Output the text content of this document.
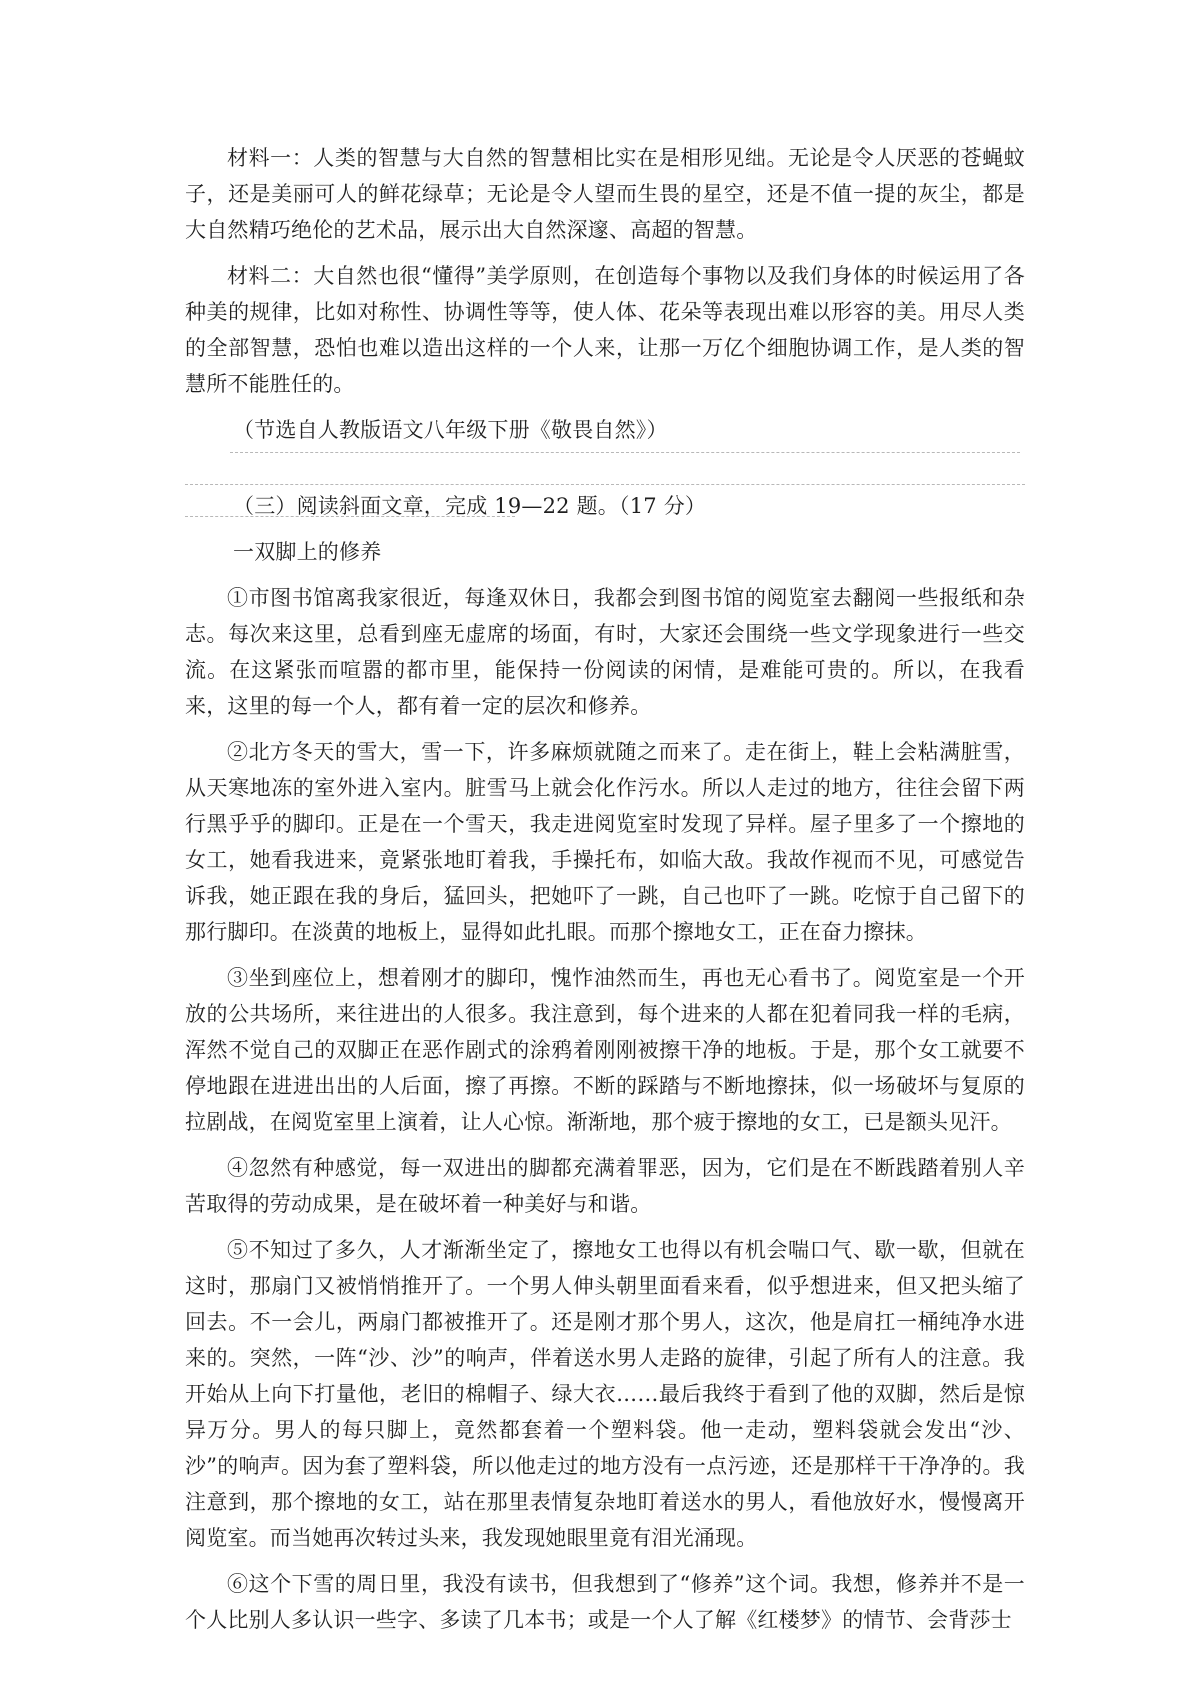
材料一：人类的智慧与大自然的智慧相比实在是相形见绌。无论是令人厌恶的苍蝇蚊子，还是美丽可人的鲜花绿草；无论是令人望而生畏的星空，还是不值一提的灰尘，都是大自然精巧绝伦的艺术品，展示出大自然深邃、高超的智慧。

材料二：大自然也很“懂得”美学原则，在创造每个事物以及我们身体的时候运用了各种美的规律，比如对称性、协调性等等，使人体、花朵等表现出难以形容的美。用尽人类的全部智慧，恐怕也难以造出这样的一个人来，让那一万亿个细胞协调工作，是人类的智慧所不能胜任的。

（节选自人教版语文八年级下册《敬畏自然》）

（三）阅读斜面文章，完成 19—22 题。（17 分）

一双脚上的修养

①市图书馆离我家很近，每逢双休日，我都会到图书馆的阅览室去翻阅一些报纸和杂志。每次来这里，总看到座无虚席的场面，有时，大家还会围绕一些文学现象进行一些交流。在这紧张而喧嚣的都市里，能保持一份阅读的闲情，是难能可贵的。所以，在我看来，这里的每一个人，都有着一定的层次和修养。

②北方冬天的雪大，雪一下，许多麻烦就随之而来了。走在街上，鞋上会粘满脏雪，从天寒地冻的室外进入室内。脏雪马上就会化作污水。所以人走过的地方，往往会留下两行黑乎乎的脚印。正是在一个雪天，我走进阅览室时发现了异样。屋子里多了一个擦地的女工，她看我进来，竟紧张地盯着我，手操托布，如临大敌。我故作视而不见，可感觉告诉我，她正跟在我的身后，猛回头，把她吓了一跳，自己也吓了一跳。吃惊于自己留下的那行脚印。在淡黄的地板上，显得如此扎眼。而那个擦地女工，正在奋力擦抹。

③坐到座位上，想着刚才的脚印，愧怍油然而生，再也无心看书了。阅览室是一个开放的公共场所，来往进出的人很多。我注意到，每个进来的人都在犯着同我一样的毛病，浑然不觉自己的双脚正在恶作剧式的涂鸦着刚刚被擦干净的地板。于是，那个女工就要不停地跟在进进出出的人后面，擦了再擦。不断的踩踏与不断地擦抹，似一场破坏与复原的拉剧战，在阅览室里上演着，让人心惊。渐渐地，那个疲于擦地的女工，已是额头见汗。

④忽然有种感觉，每一双进出的脚都充满着罪恶，因为，它们是在不断践踏着别人辛苦取得的劳动成果，是在破坏着一种美好与和谐。

⑤不知过了多久，人才渐渐坐定了，擦地女工也得以有机会喘口气、歇一歇，但就在这时，那扇门又被悄悄推开了。一个男人伸头朝里面看来看，似乎想进来，但又把头缩了回去。不一会儿，两扇门都被推开了。还是刚才那个男人，这次，他是肩扛一桶纯净水进来的。突然，一阵“沙、沙”的响声，伴着送水男人走路的旋律，引起了所有人的注意。我开始从上向下打量他，老旧的棉帽子、绿大衣……最后我终于看到了他的双脚，然后是惊异万分。男人的每只脚上，竟然都套着一个塑料袋。他一走动，塑料袋就会发出“沙、沙”的响声。因为套了塑料袋，所以他走过的地方没有一点污迹，还是那样干干净净的。我注意到，那个擦地的女工，站在那里表情复杂地盯着送水的男人，看他放好水，慢慢离开阅览室。而当她再次转过头来，我发现她眼里竟有泪光涌现。

⑥这个下雪的周日里，我没有读书，但我想到了“修养”这个词。我想，修养并不是一个人比别人多认识一些字、多读了几本书；或是一个人了解《红楼梦》的情节、会背莎士
